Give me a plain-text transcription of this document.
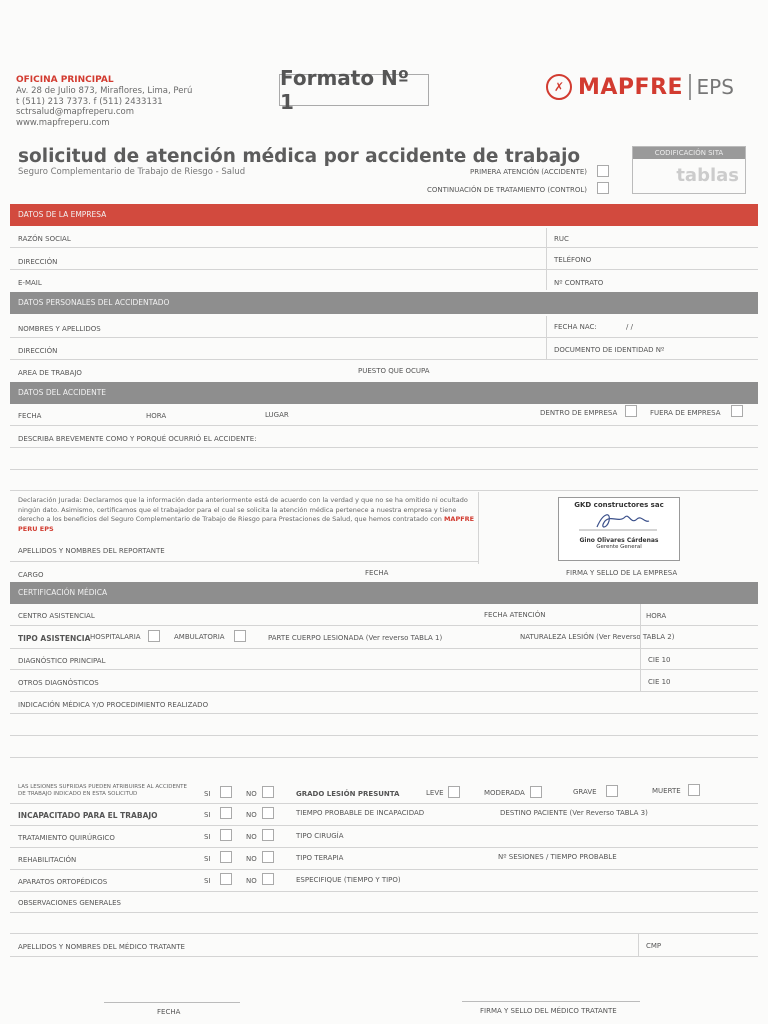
OFICINA PRINCIPAL
Av. 28 de Julio 873, Miraflores, Lima, Perú
t (511) 213 7373. f (511) 2433131
sctrsalud@mapfreperu.com
www.mapfreperu.com
Formato Nº 1
✗ MAPFRE EPS
solicitud de atención médica por accidente de trabajo
Seguro Complementario de Trabajo de Riesgo - Salud	PRIMERA ATENCIÓN (ACCIDENTE)
CONTINUACIÓN DE TRATAMIENTO (CONTROL)
CODIFICACIÓN SITA
tablas
DATOS DE LA EMPRESA
RAZÓN SOCIAL	RUC
DIRECCIÓN	TELÉFONO
E-MAIL	Nº CONTRATO
DATOS PERSONALES DEL ACCIDENTADO
NOMBRES Y APELLIDOS	FECHA NAC:	/ /
DIRECCIÓN	DOCUMENTO DE IDENTIDAD Nº
AREA DE TRABAJO	PUESTO QUE OCUPA
DATOS DEL ACCIDENTE
FECHA	HORA	LUGAR	DENTRO DE EMPRESA	FUERA DE EMPRESA
DESCRIBA BREVEMENTE COMO Y PORQUÉ OCURRIÓ EL ACCIDENTE:
Declaración Jurada: Declaramos que la información dada anteriormente está de acuerdo con la verdad y que no se ha omitido ni ocultado ningún dato. Asimismo, certificamos que el trabajador para el cual se solicita la atención médica pertenece a nuestra empresa y tiene derecho a los beneficios del Seguro Complementario de Trabajo de Riesgo para Prestaciones de Salud, que hemos contratado con MAPFRE PERU EPS
APELLIDOS Y NOMBRES DEL REPORTANTE
CARGO	FECHA	FIRMA Y SELLO DE LA EMPRESA
GKD constructores sac
Gino Olivares Cárdenas
Gerente General
CERTIFICACIÓN MÉDICA
CENTRO ASISTENCIAL	FECHA ATENCIÓN	HORA
TIPO ASISTENCIA HOSPITALARIA	AMBULATORIA	PARTE CUERPO LESIONADA (Ver reverso TABLA 1)	NATURALEZA LESIÓN (Ver Reverso TABLA 2)
DIAGNÓSTICO PRINCIPAL	CIE 10
OTROS DIAGNÓSTICOS	CIE 10
INDICACIÓN MÉDICA Y/O PROCEDIMIENTO REALIZADO
LAS LESIONES SUFRIDAS PUEDEN ATRIBUIRSE AL ACCIDENTE DE TRABAJO INDICADO EN ESTA SOLICITUD	SI	NO	GRADO LESIÓN PRESUNTA	LEVE	MODERADA	GRAVE	MUERTE
INCAPACITADO PARA EL TRABAJO	SI	NO	TIEMPO PROBABLE DE INCAPACIDAD	DESTINO PACIENTE (Ver Reverso TABLA 3)
TRATAMIENTO QUIRÚRGICO	SI	NO	TIPO CIRUGÍA
REHABILITACIÓN	SI	NO	TIPO TERAPIA	Nº SESIONES / TIEMPO PROBABLE
APARATOS ORTOPÉDICOS	SI	NO	ESPECIFIQUE (TIEMPO Y TIPO)
OBSERVACIONES GENERALES
APELLIDOS Y NOMBRES DEL MÉDICO TRATANTE	CMP
FECHA	FIRMA Y SELLO DEL MÉDICO TRATANTE
